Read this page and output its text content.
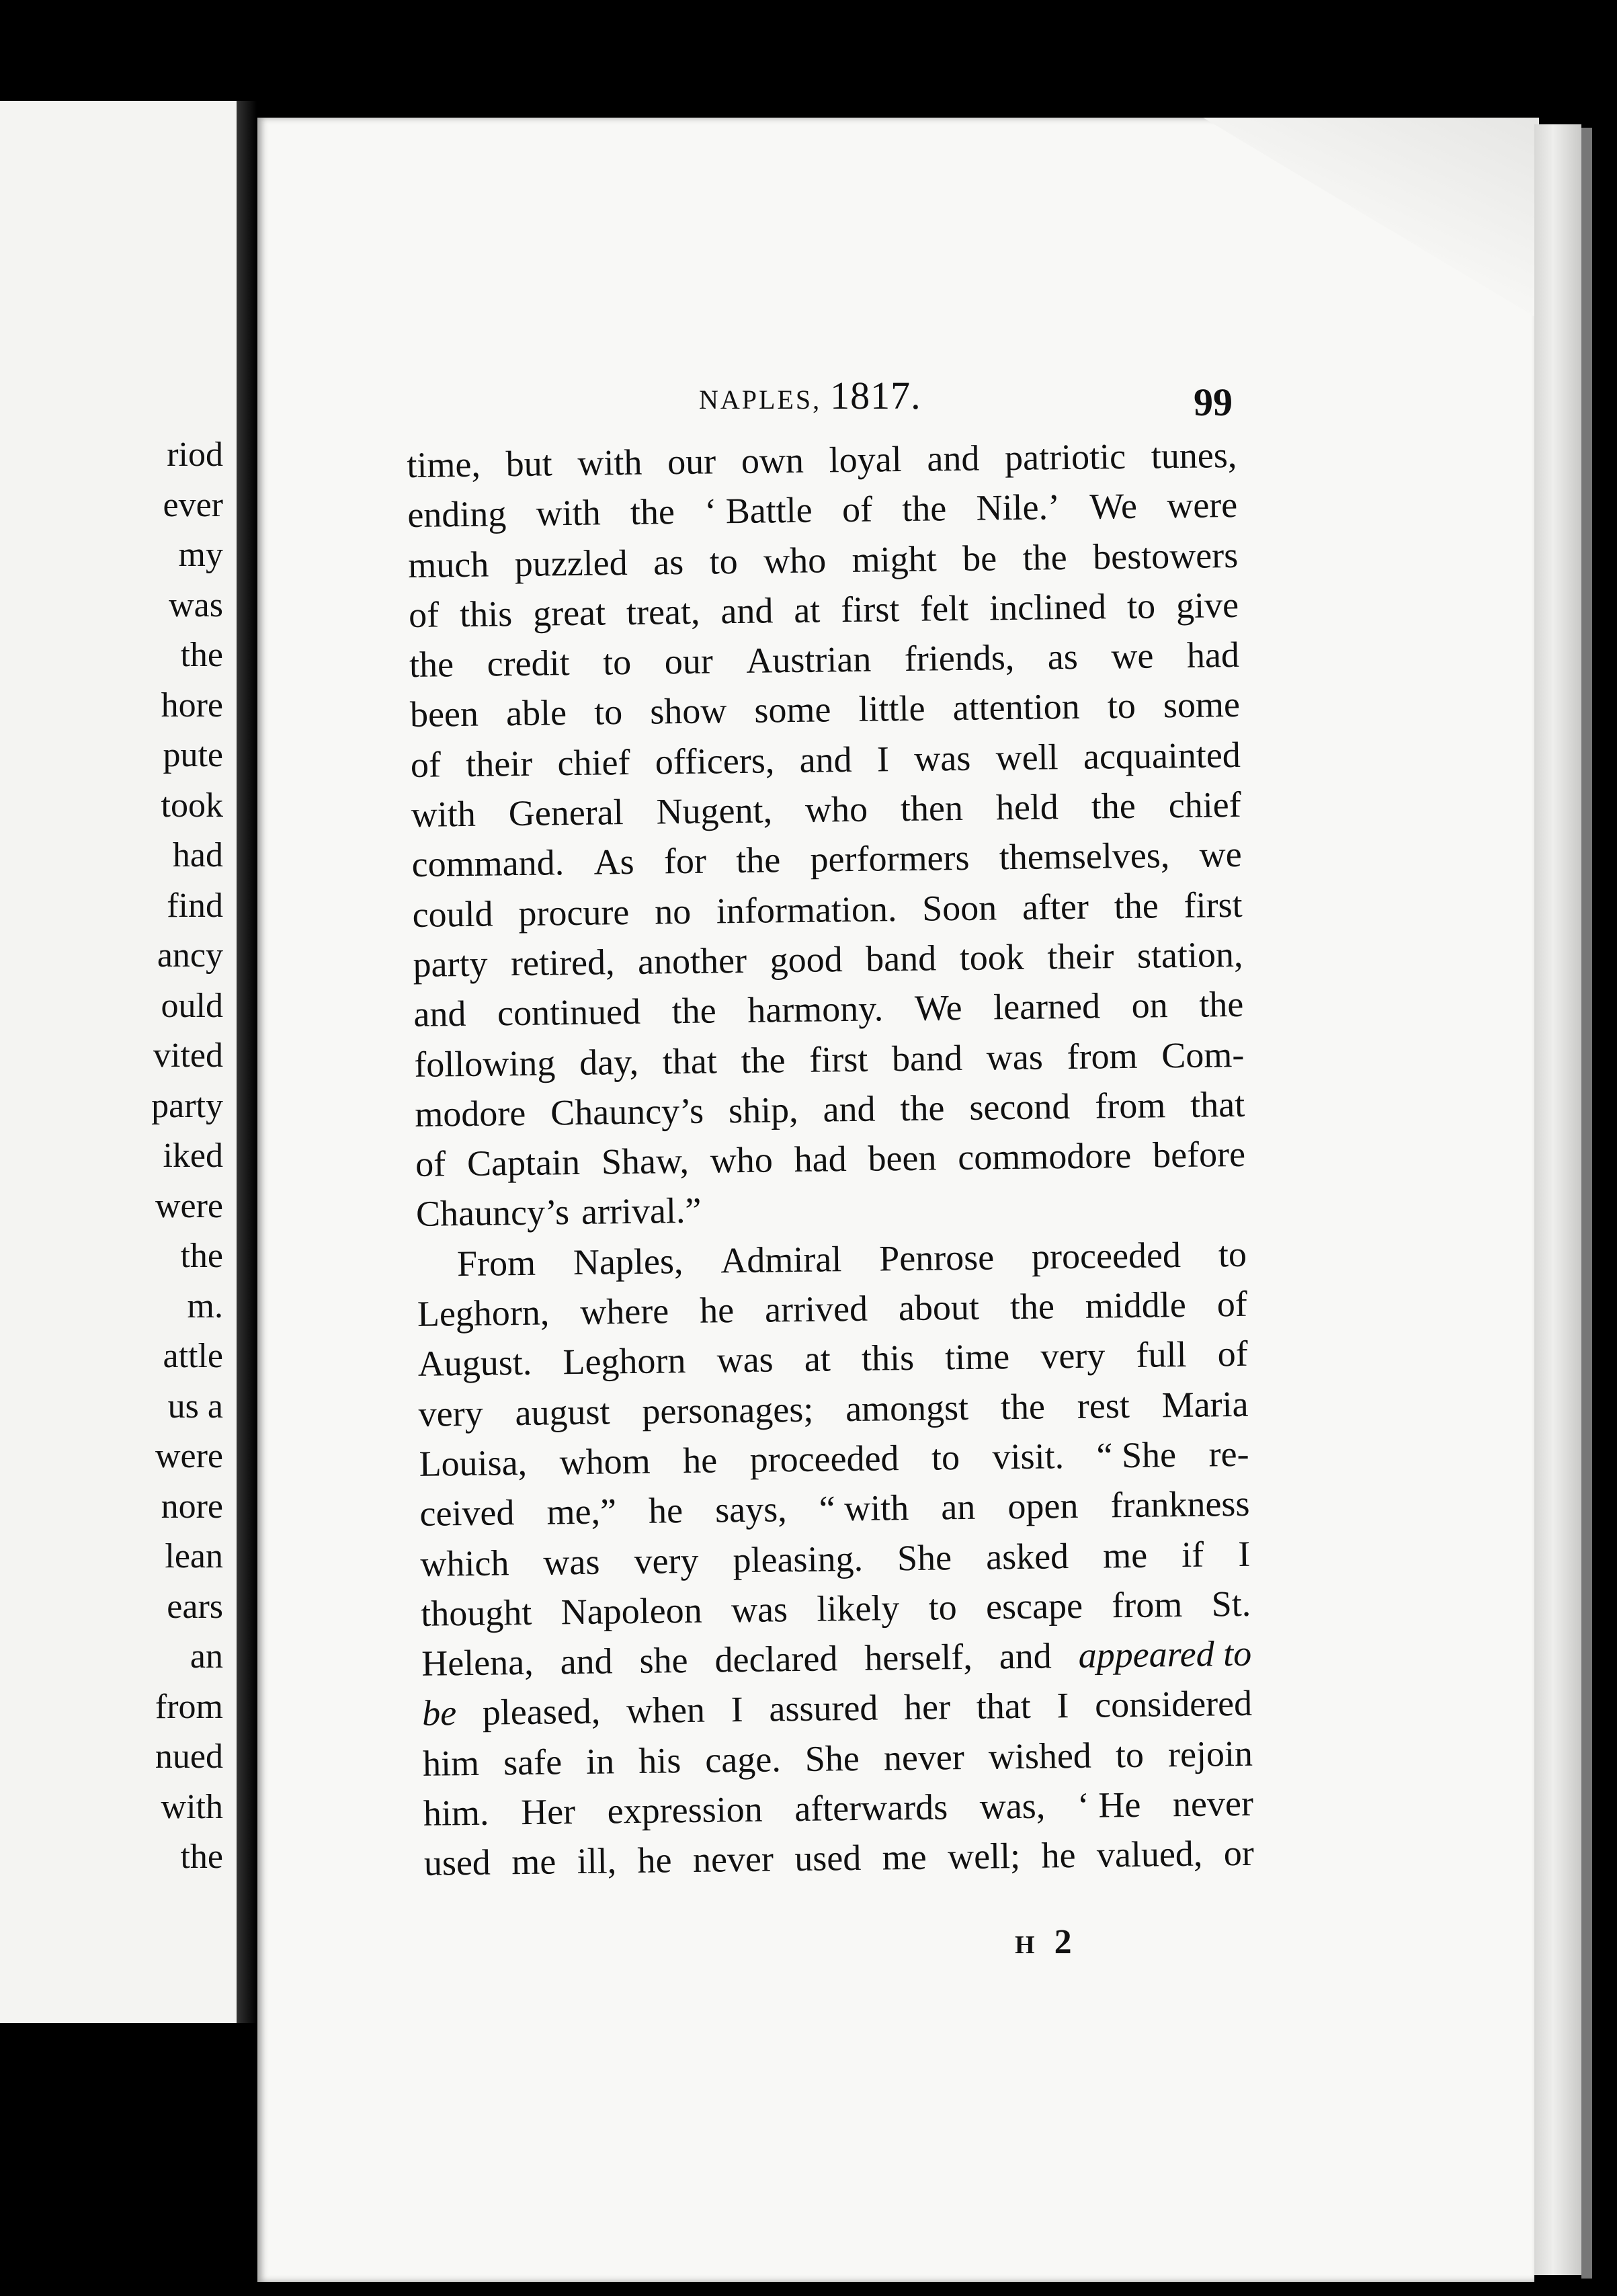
riod
ever
my
was
the
hore
pute
took
had
find
ancy
ould
vited
party
iked
were
the
m.
attle
us a
were
nore
lean
ears
an
from
nued
with
the
NAPLES, 1817.	99
time, but with our own loyal and patriotic tunes,
ending with the ‘ Battle of the Nile.’ We were
much puzzled as to who might be the bestowers
of this great treat, and at first felt inclined to give
the credit to our Austrian friends, as we had
been able to show some little attention to some
of their chief officers, and I was well acquainted
with General Nugent, who then held the chief
command. As for the performers themselves, we
could procure no information. Soon after the first
party retired, another good band took their station,
and continued the harmony. We learned on the
following day, that the first band was from Com-
modore Chauncy’s ship, and the second from that
of Captain Shaw, who had been commodore before
Chauncy’s arrival.”
From Naples, Admiral Penrose proceeded to
Leghorn, where he arrived about the middle of
August. Leghorn was at this time very full of
very august personages; amongst the rest Maria
Louisa, whom he proceeded to visit. “ She re-
ceived me,” he says, “ with an open frankness
which was very pleasing. She asked me if I
thought Napoleon was likely to escape from St.
Helena, and she declared herself, and appeared to
be pleased, when I assured her that I considered
him safe in his cage. She never wished to rejoin
him. Her expression afterwards was, ‘ He never
used me ill, he never used me well; he valued, or
H 2
